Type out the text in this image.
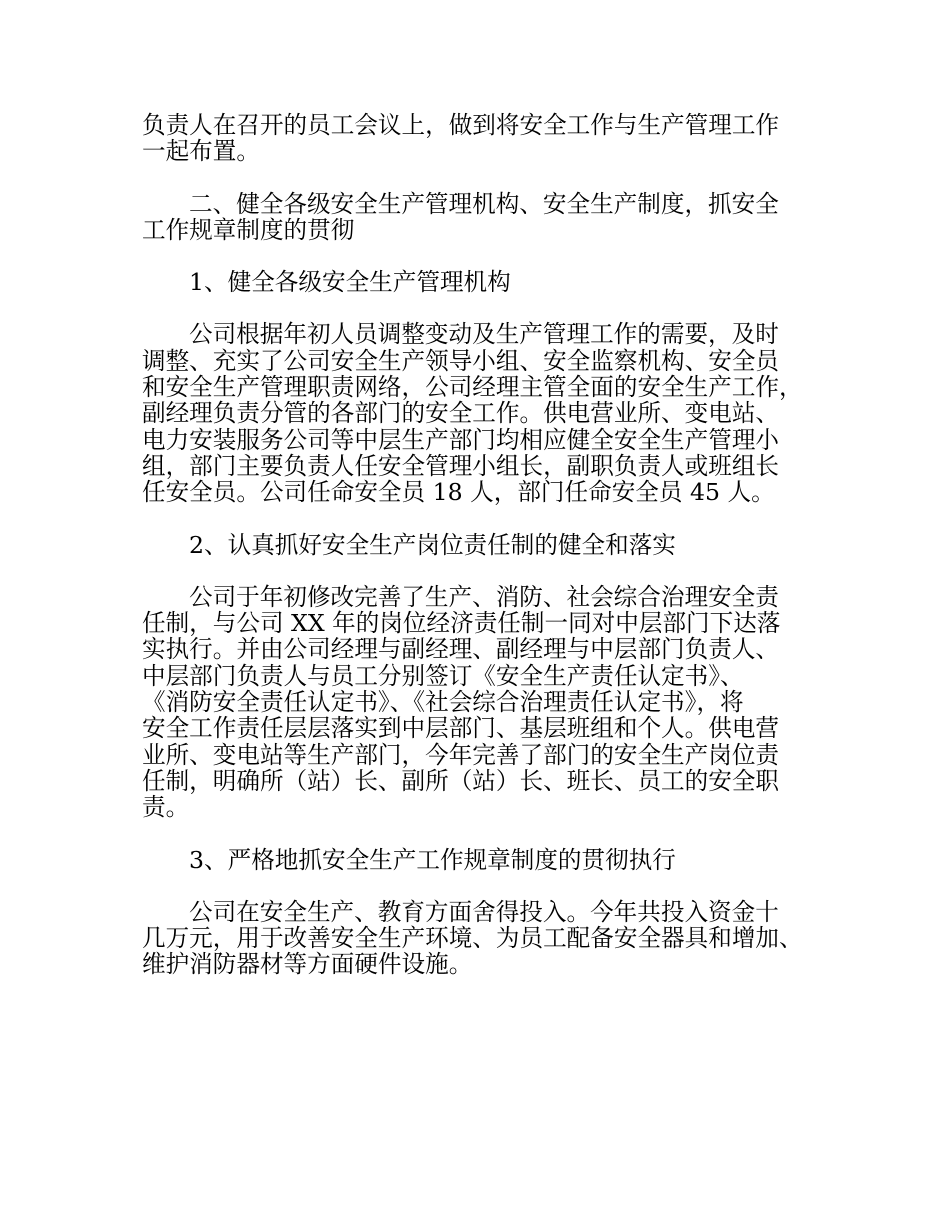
负责人在召开的员工会议上，做到将安全工作与生产管理工作
一起布置。
二、健全各级安全生产管理机构、安全生产制度，抓安全
工作规章制度的贯彻
1、健全各级安全生产管理机构
公司根据年初人员调整变动及生产管理工作的需要，及时
调整、充实了公司安全生产领导小组、安全监察机构、安全员
和安全生产管理职责网络，公司经理主管全面的安全生产工作，
副经理负责分管的各部门的安全工作。供电营业所、变电站、
电力安装服务公司等中层生产部门均相应健全安全生产管理小
组，部门主要负责人任安全管理小组长，副职负责人或班组长
任安全员。公司任命安全员 18 人，部门任命安全员 45 人。
2、认真抓好安全生产岗位责任制的健全和落实
公司于年初修改完善了生产、消防、社会综合治理安全责
任制，与公司 XX 年的岗位经济责任制一同对中层部门下达落
实执行。并由公司经理与副经理、副经理与中层部门负责人、
中层部门负责人与员工分别签订《安全生产责任认定书》、
《消防安全责任认定书》、《社会综合治理责任认定书》，将
安全工作责任层层落实到中层部门、基层班组和个人。供电营
业所、变电站等生产部门，今年完善了部门的安全生产岗位责
任制，明确所（站）长、副所（站）长、班长、员工的安全职
责。
3、严格地抓安全生产工作规章制度的贯彻执行
公司在安全生产、教育方面舍得投入。今年共投入资金十
几万元，用于改善安全生产环境、为员工配备安全器具和增加、
维护消防器材等方面硬件设施。
